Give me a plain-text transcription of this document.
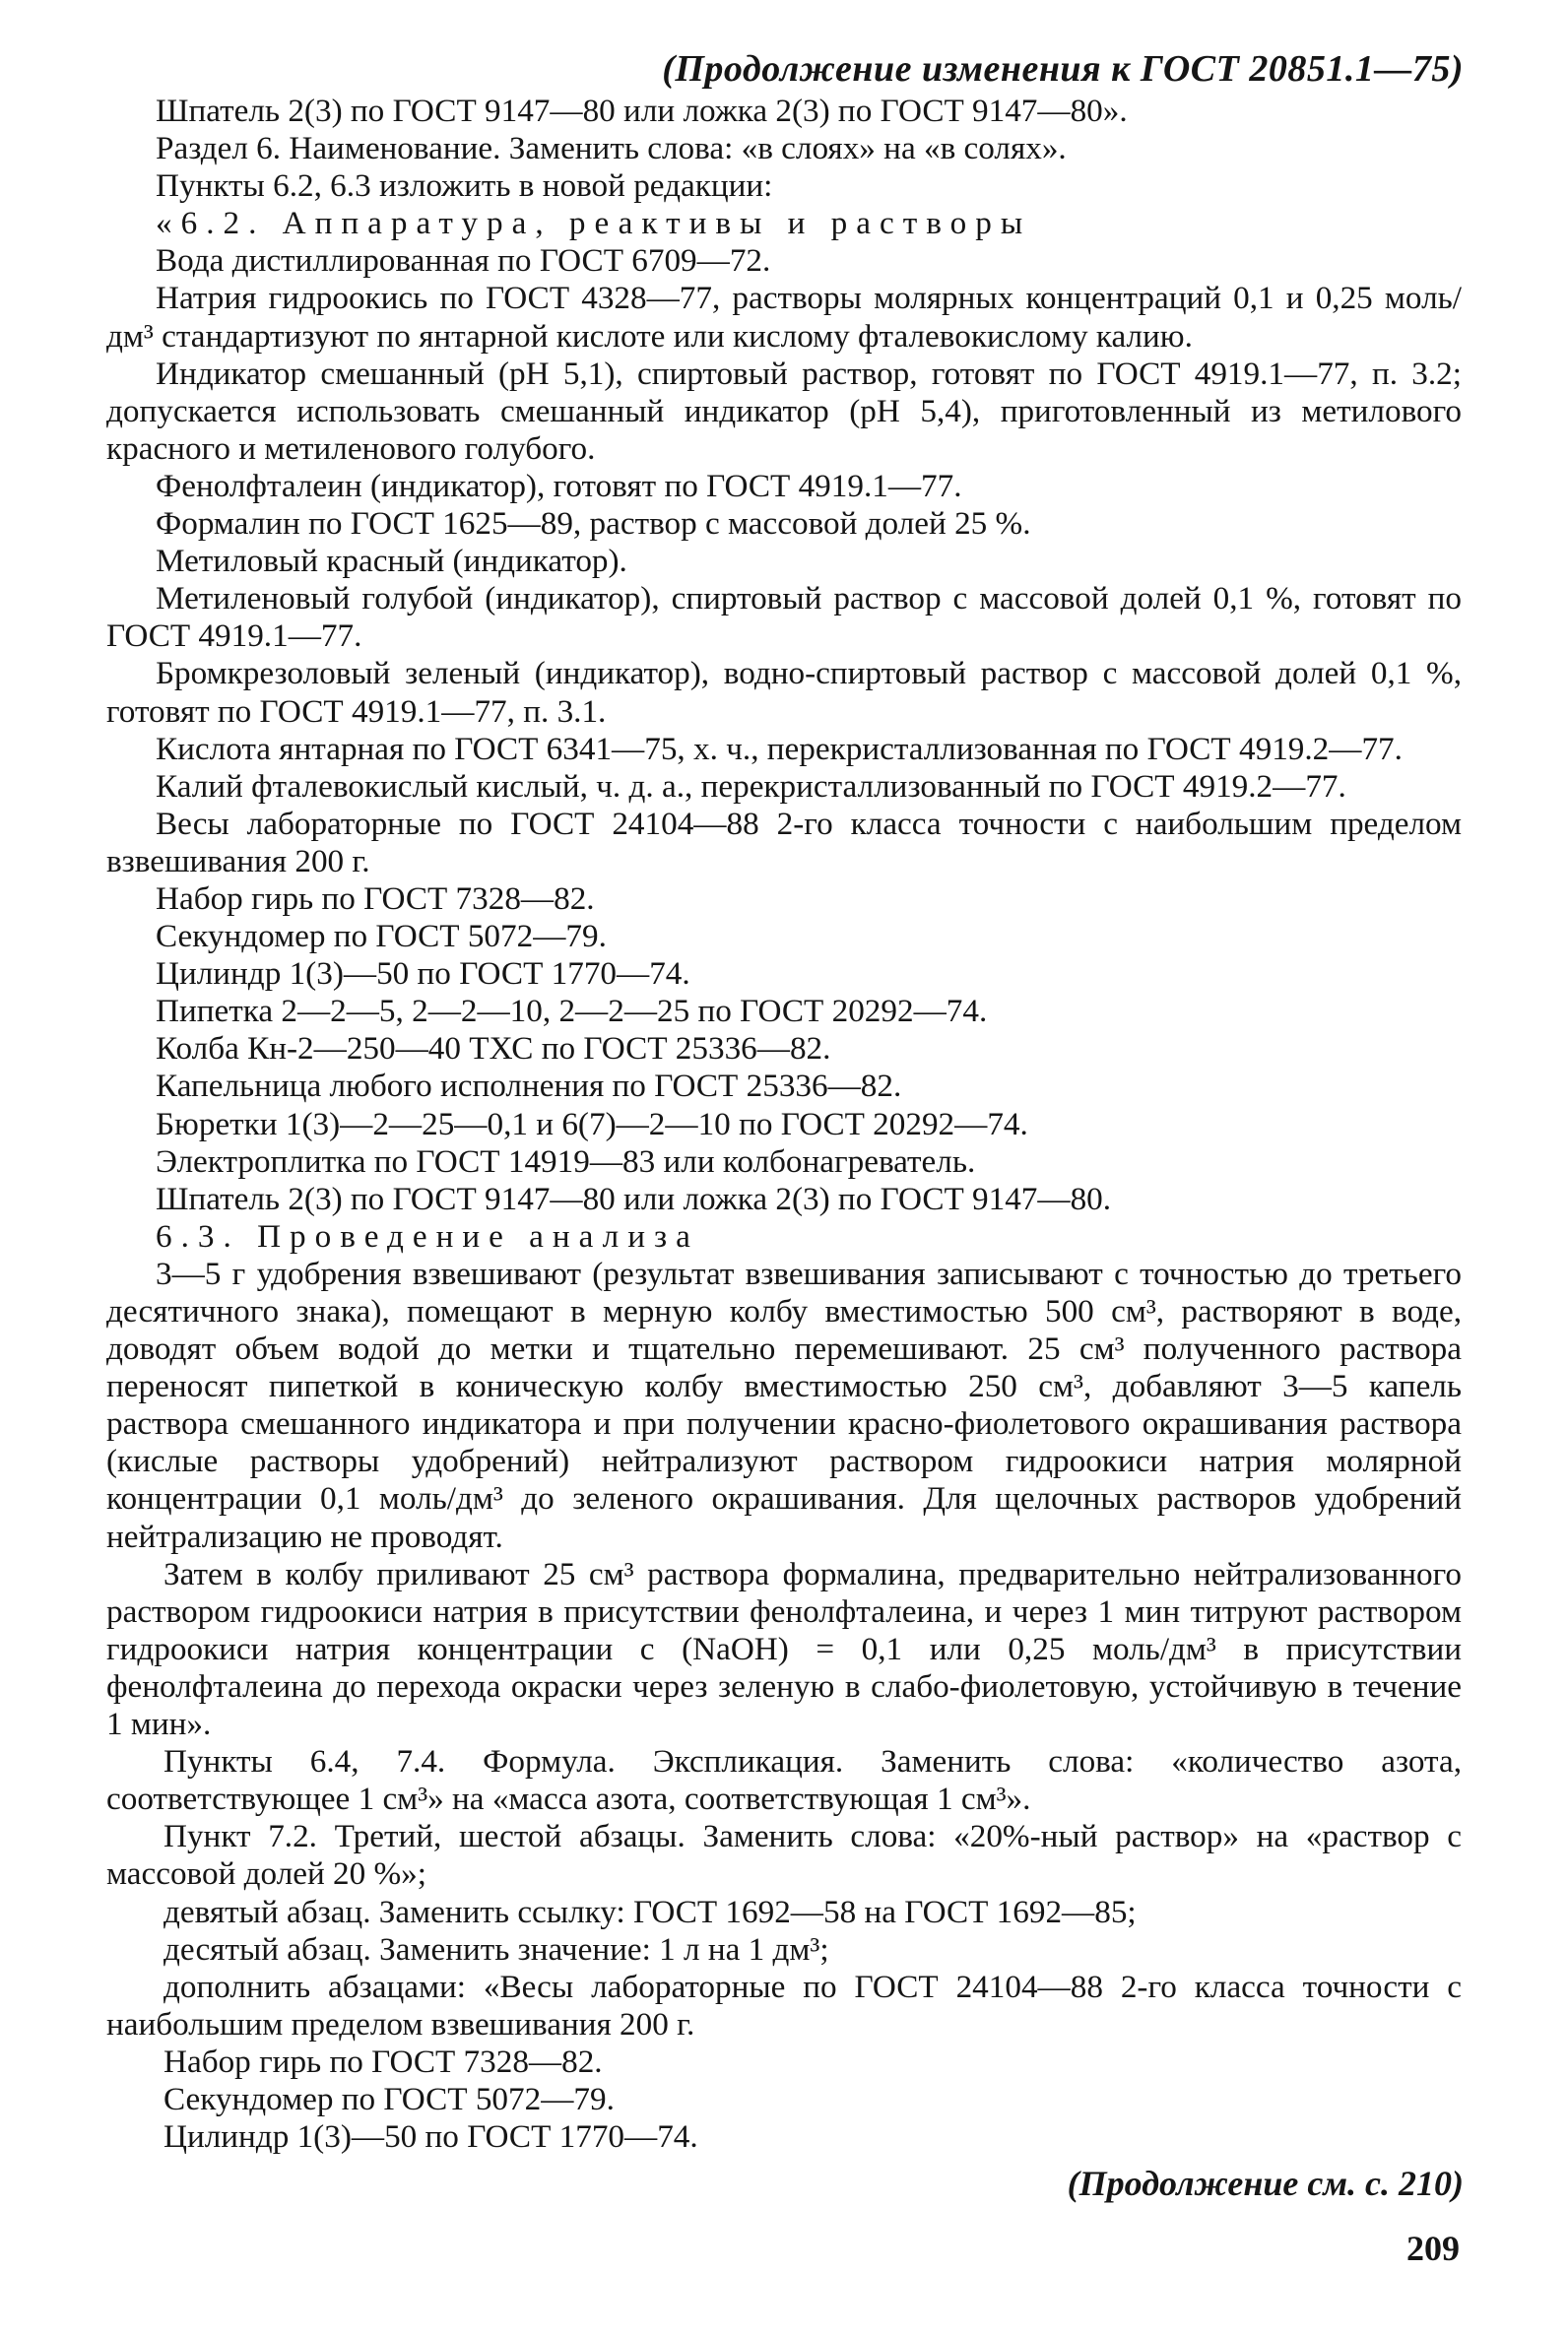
(Продолжение изменения к ГОСТ 20851.1—75)

Шпатель 2(3) по ГОСТ 9147—80 или ложка 2(3) по ГОСТ 9147—80».

Раздел 6. Наименование. Заменить слова: «в слоях» на «в солях».

Пункты 6.2, 6.3 изложить в новой редакции:

«6.2. Аппаратура, реактивы и растворы

Вода дистиллированная по ГОСТ 6709—72.

Натрия гидроокись по ГОСТ 4328—77, растворы молярных концентраций 0,1 и 0,25 моль/дм³ стандартизуют по янтарной кислоте или кислому фталевокислому калию.

Индикатор смешанный (рН 5,1), спиртовый раствор, готовят по ГОСТ 4919.1—77, п. 3.2; допускается использовать смешанный индикатор (рН 5,4), приготовленный из метилового красного и метиленового голубого.

Фенолфталеин (индикатор), готовят по ГОСТ 4919.1—77.

Формалин по ГОСТ 1625—89, раствор с массовой долей 25 %.

Метиловый красный (индикатор).

Метиленовый голубой (индикатор), спиртовый раствор с массовой долей 0,1 %, готовят по ГОСТ 4919.1—77.

Бромкрезоловый зеленый (индикатор), водно-спиртовый раствор с массовой долей 0,1 %, готовят по ГОСТ 4919.1—77, п. 3.1.

Кислота янтарная по ГОСТ 6341—75, х. ч., перекристаллизованная по ГОСТ 4919.2—77.

Калий фталевокислый кислый, ч. д. а., перекристаллизованный по ГОСТ 4919.2—77.

Весы лабораторные по ГОСТ 24104—88 2-го класса точности с наибольшим пределом взвешивания 200 г.

Набор гирь по ГОСТ 7328—82.

Секундомер по ГОСТ 5072—79.

Цилиндр 1(3)—50 по ГОСТ 1770—74.

Пипетка 2—2—5, 2—2—10, 2—2—25 по ГОСТ 20292—74.

Колба Кн-2—250—40 ТХС по ГОСТ 25336—82.

Капельница любого исполнения по ГОСТ 25336—82.

Бюретки 1(3)—2—25—0,1 и 6(7)—2—10 по ГОСТ 20292—74.

Электроплитка по ГОСТ 14919—83 или колбонагреватель.

Шпатель 2(3) по ГОСТ 9147—80 или ложка 2(3) по ГОСТ 9147—80.

6.3. Проведение анализа

3—5 г удобрения взвешивают (результат взвешивания записывают с точностью до третьего десятичного знака), помещают в мерную колбу вместимостью 500 см³, растворяют в воде, доводят объем водой до метки и тщательно перемешивают. 25 см³ полученного раствора переносят пипеткой в коническую колбу вместимостью 250 см³, добавляют 3—5 капель раствора смешанного индикатора и при получении красно-фиолетового окрашивания раствора (кислые растворы удобрений) нейтрализуют раствором гидроокиси натрия молярной концентрации 0,1 моль/дм³ до зеленого окрашивания. Для щелочных растворов удобрений нейтрализацию не проводят.

Затем в колбу приливают 25 см³ раствора формалина, предварительно нейтрализованного раствором гидроокиси натрия в присутствии фенолфталеина, и через 1 мин титруют раствором гидроокиси натрия концентрации c (NaOH) = 0,1 или 0,25 моль/дм³ в присутствии фенолфталеина до перехода окраски через зеленую в слабо-фиолетовую, устойчивую в течение 1 мин».

Пункты 6.4, 7.4. Формула. Экспликация. Заменить слова: «количество азота, соответствующее 1 см³» на «масса азота, соответствующая 1 см³».

Пункт 7.2. Третий, шестой абзацы. Заменить слова: «20%-ный раствор» на «раствор с массовой долей 20 %»;

девятый абзац. Заменить ссылку: ГОСТ 1692—58 на ГОСТ 1692—85;

десятый абзац. Заменить значение: 1 л на 1 дм³;

дополнить абзацами: «Весы лабораторные по ГОСТ 24104—88 2-го класса точности с наибольшим пределом взвешивания 200 г.

Набор гирь по ГОСТ 7328—82.

Секундомер по ГОСТ 5072—79.

Цилиндр 1(3)—50 по ГОСТ 1770—74.

(Продолжение см. с. 210)
209
